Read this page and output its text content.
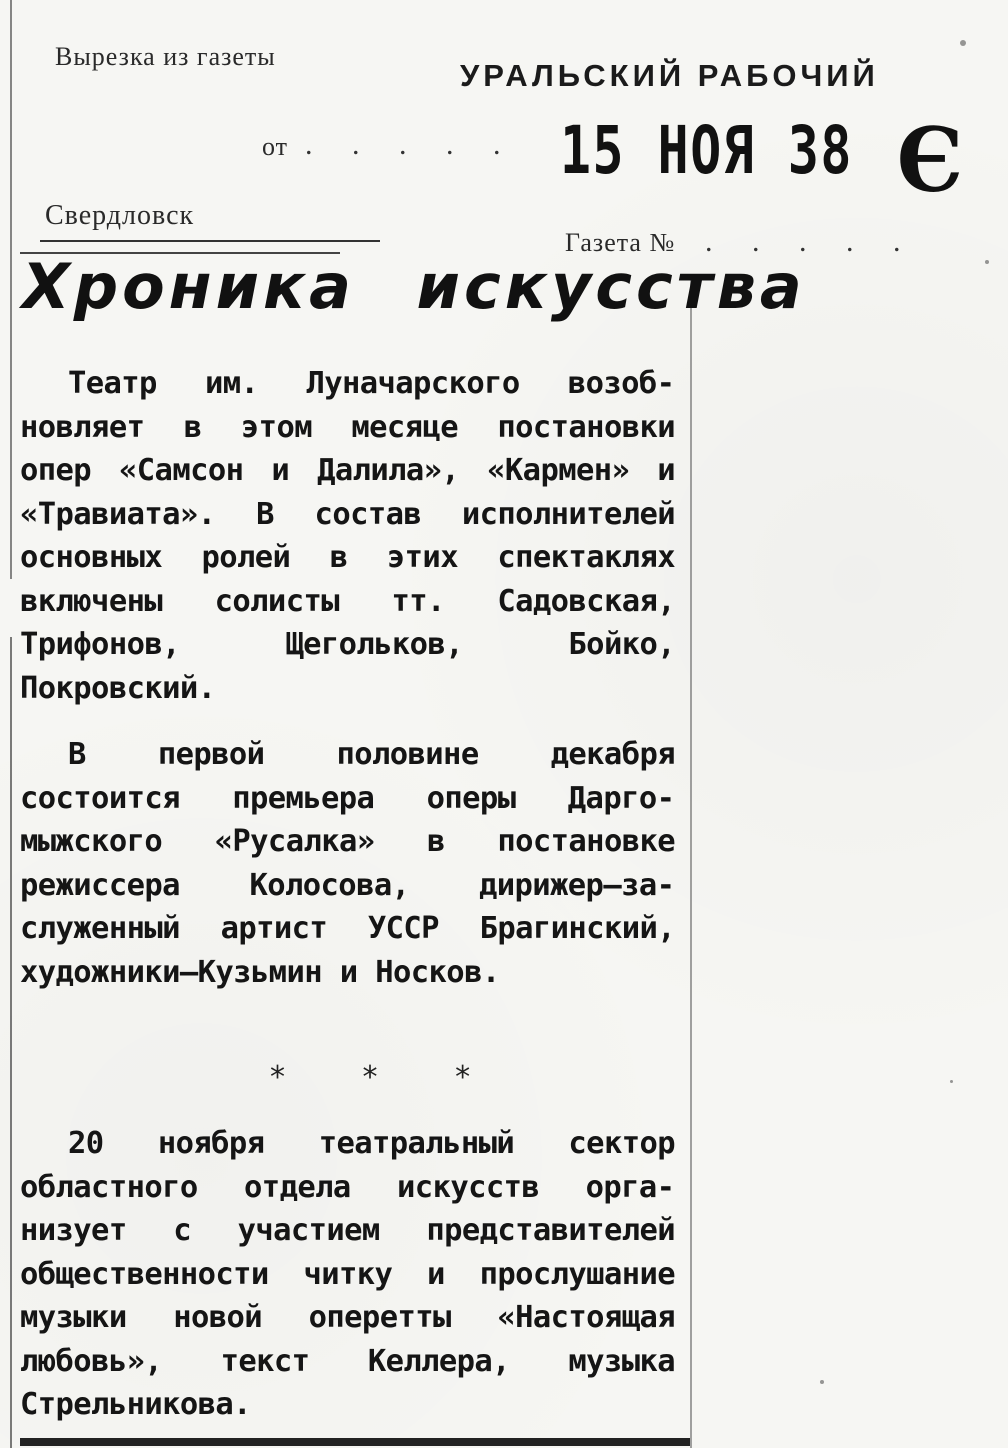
Вырезка из газеты
УРАЛЬСКИЙ РАБОЧИЙ
от . . . . . 15 НОЯ 38 Є
Свердловск
Газета № . . . . .
Хроника искусства
Театр им. Луначарского возобновляет в этом месяце постановки опер «Самсон и Далила», «Кармен» и «Травиата». В состав исполнителей основных ролей в этих спектаклях включены солисты тт. Садовская, Трифонов, Щегольков, Бойко, Покровский.
В первой половине декабря состоится премьера оперы Даргомыжского «Русалка» в постановке режиссера Колосова, дирижер—заслуженный артист УССР Брагинский, художники—Кузьмин и Носков.
* * *
20 ноября театральный сектор областного отдела искусств организует с участием представителей общественности читку и прослушание музыки новой оперетты «Настоящая любовь», текст Келлера, музыка Стрельникова.
